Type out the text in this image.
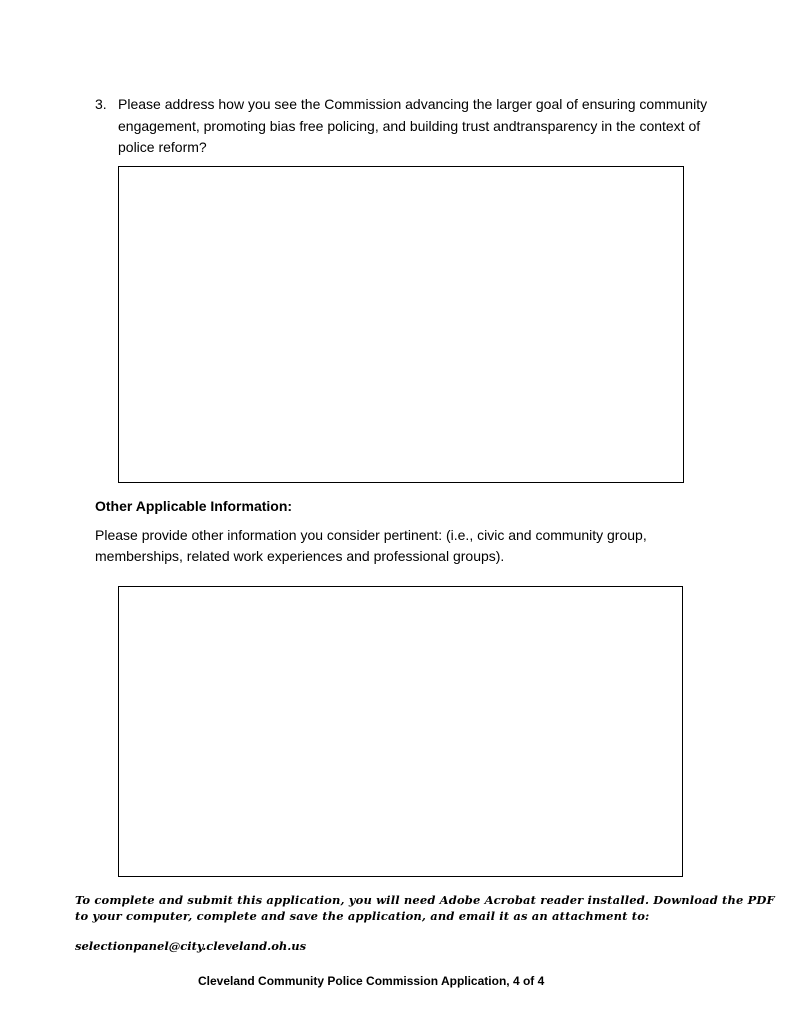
3. Please address how you see the Commission advancing the larger goal of ensuring community engagement, promoting bias free policing, and building trust andtransparency in the context of police reform?
Other Applicable Information:
Please provide other information you consider pertinent: (i.e., civic and community group, memberships, related work experiences and professional groups).
To complete and submit this application, you will need Adobe Acrobat reader installed. Download the PDF to your computer, complete and save the application, and email it as an attachment to:
selectionpanel@city.cleveland.oh.us
Cleveland Community Police Commission Application, 4 of 4
